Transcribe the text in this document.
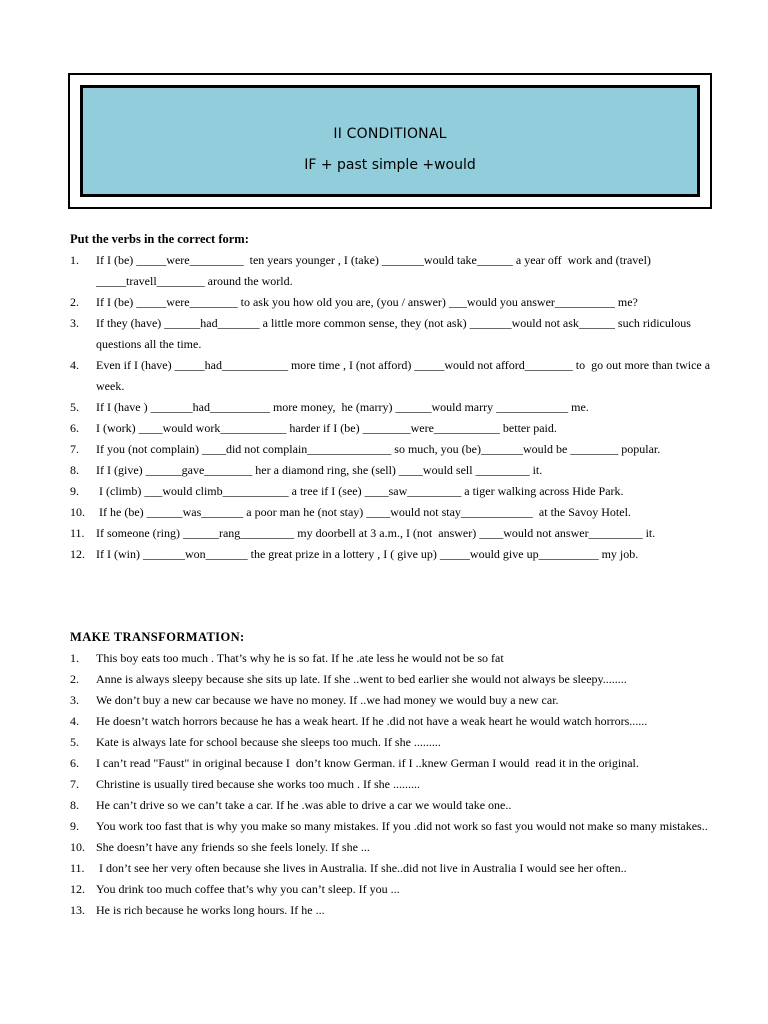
II CONDITIONAL
IF + past simple +would
Put the verbs in the correct form:
1.	If I (be) _____were_________  ten years younger , I (take) _______would take______ a year off  work and (travel) _____travell________ around the world.
2.	If I (be) _____were________ to ask you how old you are, (you / answer) ___would you answer__________ me?
3.	If they (have) ______had_______ a little more common sense, they (not ask) _______would not ask______ such ridiculous questions all the time.
4.	Even if I (have) _____had___________ more time , I (not afford) _____would not afford________ to  go out more than twice a week.
5.	If I (have ) _______had__________ more money,  he (marry) ______would marry ____________ me.
6.	I (work) ____would work___________ harder if I (be) ________were___________ better paid.
7.	If you (not complain) ____did not complain______________ so much, you (be)_______would be ________ popular.
8.	If I (give) ______gave________ her a diamond ring, she (sell) ____would sell _________ it.
9.	I (climb) ___would climb___________ a tree if I (see) ____saw_________ a tiger walking across Hide Park.
10. If he (be) ______was_______ a poor man he (not stay) ____would not stay____________  at the Savoy Hotel.
11. If someone (ring) ______rang_________ my doorbell at 3 a.m., I (not  answer) ____would not answer_________ it.
12. If I (win) _______won_______ the great prize in a lottery , I ( give up) _____would give up__________ my job.
MAKE TRANSFORMATION:
1.	This boy eats too much . That’s why he is so fat. If he .ate less he would not be so fat
2.	Anne is always sleepy because she sits up late. If she ..went to bed earlier she would not always be sleepy........
3.	We don’t buy a new car because we have no money. If ..we had money we would buy a new car.
4.	He doesn’t watch horrors because he has a weak heart. If he .did not have a weak heart he would watch horrors......
5.	Kate is always late for school because she sleeps too much. If she .........
6.	I can’t read "Faust" in original because I  don’t know German. if I ..knew German I would  read it in the original.
7.	Christine is usually tired because she works too much . If she .........
8.	He can’t drive so we can’t take a car. If he .was able to drive a car we would take one..
9.	You work too fast that is why you make so many mistakes. If you .did not work so fast you would not make so many mistakes..
10. She doesn’t have any friends so she feels lonely. If she ...
11. I don’t see her very often because she lives in Australia. If she..did not live in Australia I would see her often..
12. You drink too much coffee that’s why you can’t sleep. If you ...
13. He is rich because he works long hours. If he ...
